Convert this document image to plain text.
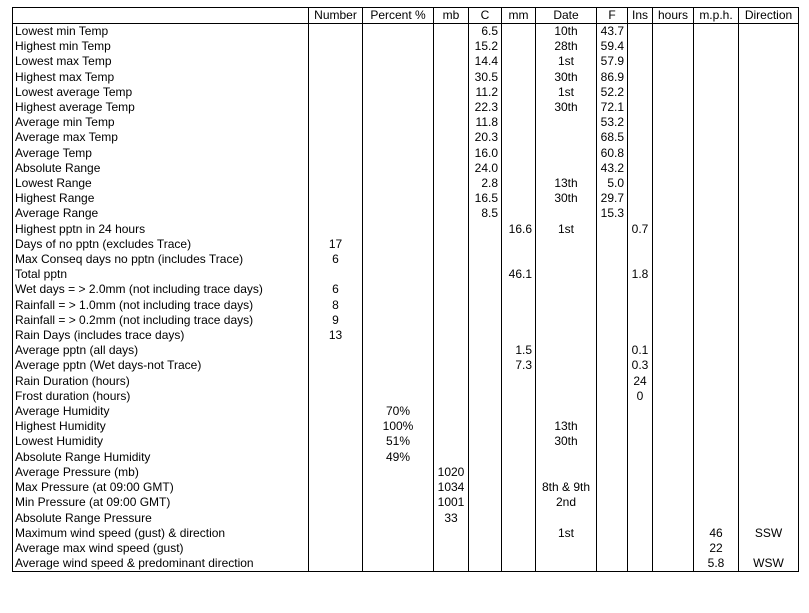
	Number	Percent %	mb	C	mm	Date	F	Ins	hours	m.p.h.	Direction
Lowest min Temp				6.5		10th	43.7				
Highest min Temp				15.2		28th	59.4				
Lowest max Temp				14.4		1st	57.9				
Highest max Temp				30.5		30th	86.9				
Lowest average Temp				11.2		1st	52.2				
Highest average Temp				22.3		30th	72.1				
Average min Temp				11.8			53.2				
Average max Temp				20.3			68.5				
Average Temp				16.0			60.8				
Absolute Range				24.0			43.2				
Lowest Range				2.8		13th	5.0				
Highest Range				16.5		30th	29.7				
Average Range				8.5			15.3				
Highest pptn in 24 hours					16.6	1st		0.7			
Days of no pptn (excludes Trace)	17										
Max Conseq days no pptn (includes Trace)	6										
Total pptn					46.1			1.8			
Wet days = > 2.0mm (not including trace days)	6										
Rainfall = > 1.0mm (not including trace days)	8										
Rainfall = > 0.2mm (not including trace days)	9										
Rain Days (includes trace days)	13										
Average pptn (all days)					1.5			0.1			
Average pptn (Wet days-not Trace)					7.3			0.3			
Rain Duration (hours)								24			
Frost duration (hours)								0			
Average Humidity		70%									
Highest Humidity		100%				13th					
Lowest Humidity		51%				30th					
Absolute Range Humidity		49%									
Average Pressure (mb)			1020								
Max Pressure (at 09:00 GMT)			1034			8th & 9th					
Min Pressure (at 09:00 GMT)			1001			2nd					
Absolute Range Pressure			33								
Maximum wind speed (gust) & direction						1st				46	SSW
Average max wind speed (gust)										22	
Average wind speed & predominant direction										5.8	WSW
